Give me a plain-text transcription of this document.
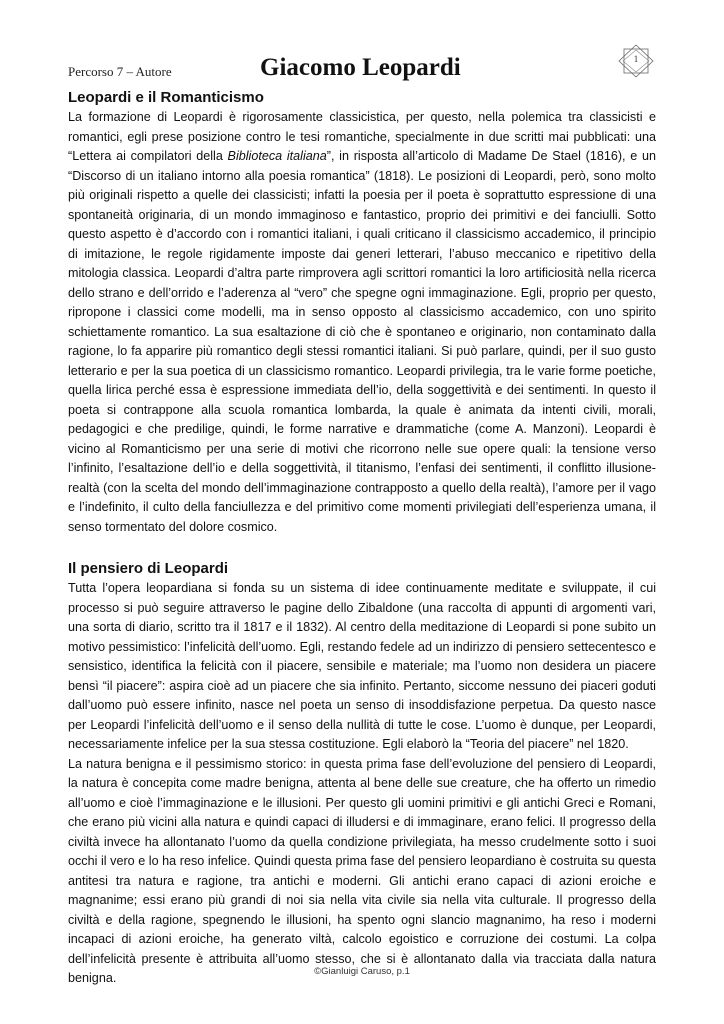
Percorso 7 – Autore	Giacomo Leopardi	1
Leopardi e il Romanticismo

La formazione di Leopardi è rigorosamente classicistica, per questo, nella polemica tra classicisti e romantici, egli prese posizione contro le tesi romantiche, specialmente in due scritti mai pubblicati: una “Lettera ai compilatori della Biblioteca italiana”, in risposta all’articolo di Madame De Stael (1816), e un “Discorso di un italiano intorno alla poesia romantica” (1818). Le posizioni di Leopardi, però, sono molto più originali rispetto a quelle dei classicisti; infatti la poesia per il poeta è soprattutto espressione di una spontaneità originaria, di un mondo immaginoso e fantastico, proprio dei primitivi e dei fanciulli. Sotto questo aspetto è d’accordo con i romantici italiani, i quali criticano il classicismo accademico, il principio di imitazione, le regole rigidamente imposte dai generi letterari, l’abuso meccanico e ripetitivo della mitologia classica. Leopardi d’altra parte rimprovera agli scrittori romantici la loro artificiosità nella ricerca dello strano e dell’orrido e l’aderenza al “vero” che spegne ogni immaginazione. Egli, proprio per questo, ripropone i classici come modelli, ma in senso opposto al classicismo accademico, con uno spirito schiettamente romantico. La sua esaltazione di ciò che è spontaneo e originario, non contaminato dalla ragione, lo fa apparire più romantico degli stessi romantici italiani. Si può parlare, quindi, per il suo gusto letterario e per la sua poetica di un classicismo romantico. Leopardi privilegia, tra le varie forme poetiche, quella lirica perché essa è espressione immediata dell’io, della soggettività e dei sentimenti. In questo il poeta si contrappone alla scuola romantica lombarda, la quale è animata da intenti civili, morali, pedagogici e che predilige, quindi, le forme narrative e drammatiche (come A. Manzoni). Leopardi è vicino al Romanticismo per una serie di motivi che ricorrono nelle sue opere quali: la tensione verso l’infinito, l’esaltazione dell’io e della soggettività, il titanismo, l’enfasi dei sentimenti, il conflitto illusione-realtà (con la scelta del mondo dell’immaginazione contrapposto a quello della realtà), l’amore per il vago e l’indefinito, il culto della fanciullezza e del primitivo come momenti privilegiati dell’esperienza umana, il senso tormentato del dolore cosmico.

Il pensiero di Leopardi

Tutta l’opera leopardiana si fonda su un sistema di idee continuamente meditate e sviluppate, il cui processo si può seguire attraverso le pagine dello Zibaldone (una raccolta di appunti di argomenti vari, una sorta di diario, scritto tra il 1817 e il 1832). Al centro della meditazione di Leopardi si pone subito un motivo pessimistico: l’infelicità dell’uomo. Egli, restando fedele ad un indirizzo di pensiero settecentesco e sensistico, identifica la felicità con il piacere, sensibile e materiale; ma l’uomo non desidera un piacere bensì “il piacere”: aspira cioè ad un piacere che sia infinito. Pertanto, siccome nessuno dei piaceri goduti dall’uomo può essere infinito, nasce nel poeta un senso di insoddisfazione perpetua. Da questo nasce per Leopardi l’infelicità dell’uomo e il senso della nullità di tutte le cose. L’uomo è dunque, per Leopardi, necessariamente infelice per la sua stessa costituzione. Egli elaborò la “Teoria del piacere” nel 1820.

La natura benigna e il pessimismo storico: in questa prima fase dell’evoluzione del pensiero di Leopardi, la natura è concepita come madre benigna, attenta al bene delle sue creature, che ha offerto un rimedio all’uomo e cioè l’immaginazione e le illusioni. Per questo gli uomini primitivi e gli antichi Greci e Romani, che erano più vicini alla natura e quindi capaci di illudersi e di immaginare, erano felici. Il progresso della civiltà invece ha allontanato l’uomo da quella condizione privilegiata, ha messo crudelmente sotto i suoi occhi il vero e lo ha reso infelice. Quindi questa prima fase del pensiero leopardiano è costruita su questa antitesi tra natura e ragione, tra antichi e moderni. Gli antichi erano capaci di azioni eroiche e magnanime; essi erano più grandi di noi sia nella vita civile sia nella vita culturale. Il progresso della civiltà e della ragione, spegnendo le illusioni, ha spento ogni slancio magnanimo, ha reso i moderni incapaci di azioni eroiche, ha generato viltà, calcolo egoistico e corruzione dei costumi. La colpa dell’infelicità presente è attribuita all’uomo stesso, che si è allontanato dalla via tracciata dalla natura benigna.	©Gianluigi Caruso, p.1
